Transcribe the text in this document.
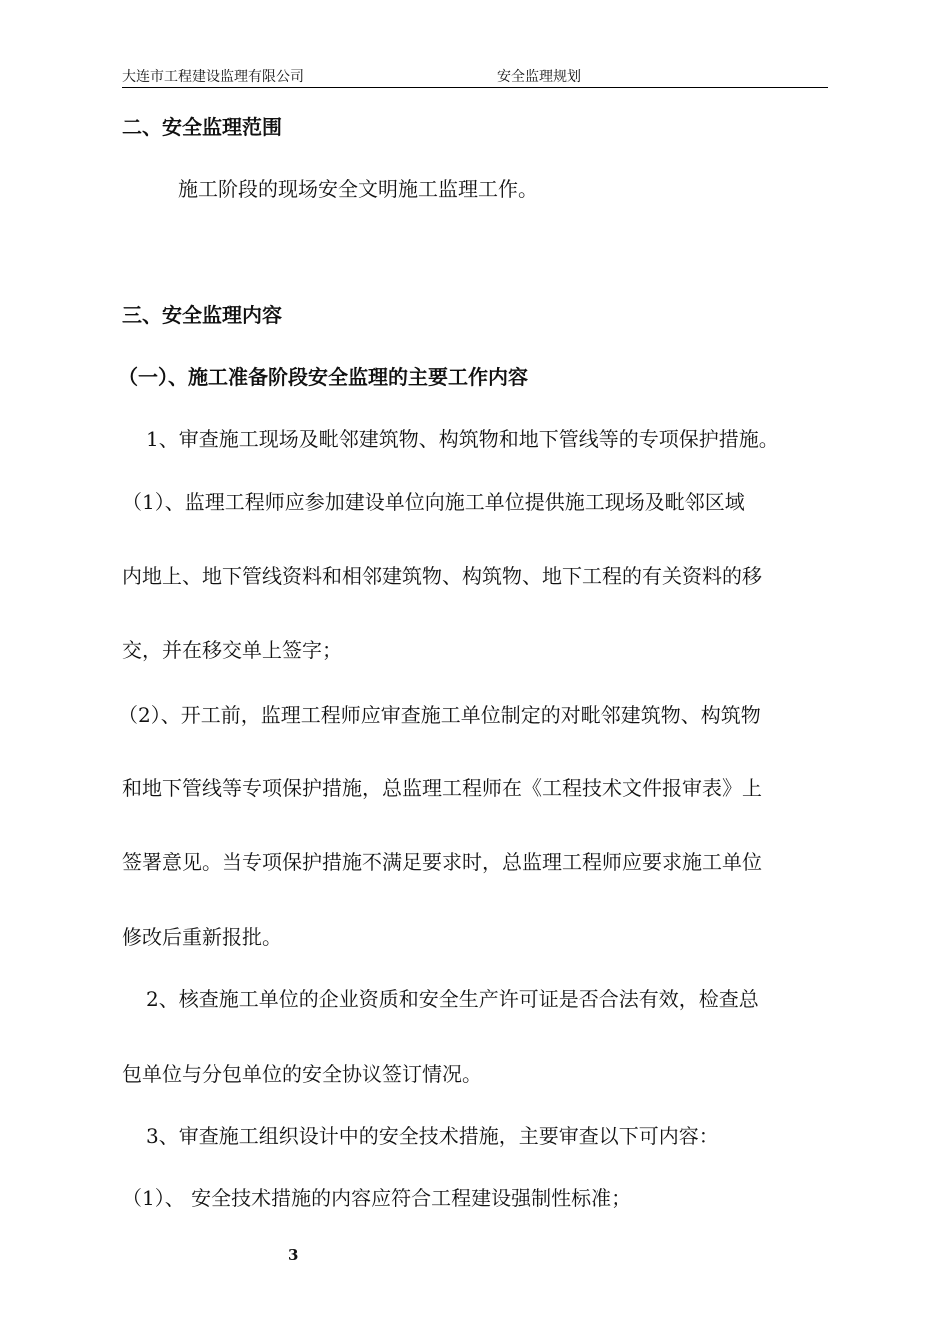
大连市工程建设监理有限公司	安全监理规划
二、安全监理范围
施工阶段的现场安全文明施工监理工作。
三、安全监理内容
（一）、施工准备阶段安全监理的主要工作内容
1、审查施工现场及毗邻建筑物、构筑物和地下管线等的专项保护措施。
（1）、监理工程师应参加建设单位向施工单位提供施工现场及毗邻区域
内地上、地下管线资料和相邻建筑物、构筑物、地下工程的有关资料的移
交，并在移交单上签字；
（2）、开工前，监理工程师应审查施工单位制定的对毗邻建筑物、构筑物
和地下管线等专项保护措施，总监理工程师在《工程技术文件报审表》上
签署意见。当专项保护措施不满足要求时，总监理工程师应要求施工单位
修改后重新报批。
2、核查施工单位的企业资质和安全生产许可证是否合法有效，检查总
包单位与分包单位的安全协议签订情况。
3、审查施工组织设计中的安全技术措施，主要审查以下可内容：
（1）、 安全技术措施的内容应符合工程建设强制性标准；
3
